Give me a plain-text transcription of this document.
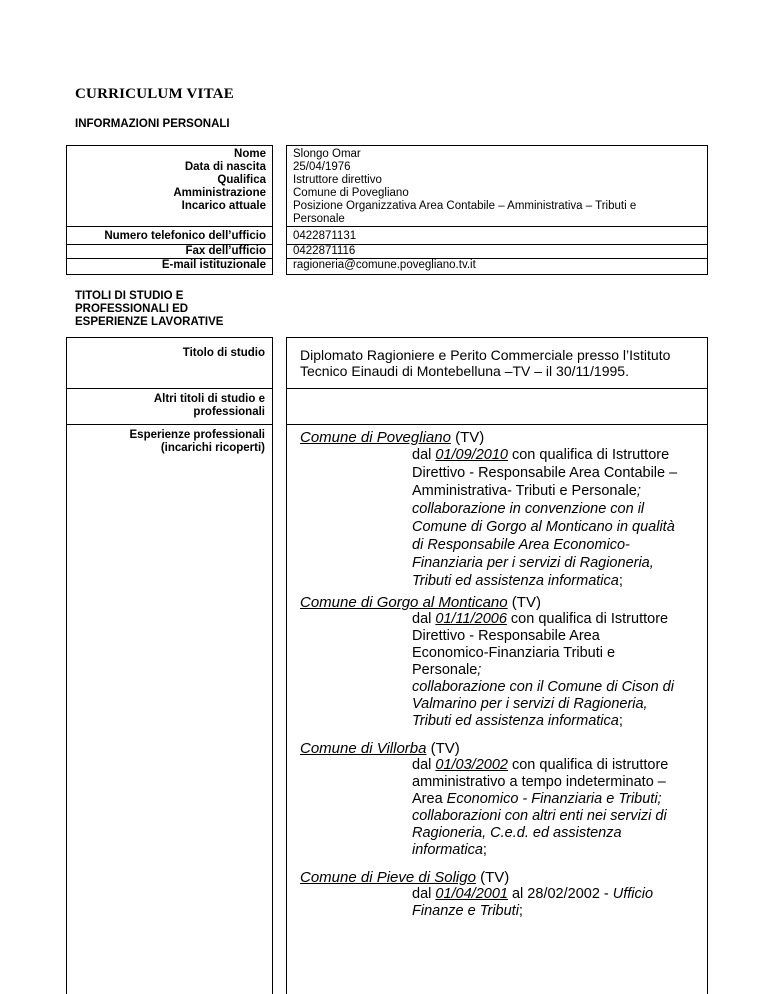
CURRICULUM VITAE
INFORMAZIONI PERSONALI
Nome
Data di nascita
Qualifica
Amministrazione
Incarico attuale
Numero telefonico dell’ufficio
Fax dell’ufficio
E-mail istituzionale
Slongo Omar
25/04/1976
Istruttore direttivo
Comune di Povegliano
Posizione Organizzativa Area Contabile – Amministrativa – Tributi e
Personale
0422871131
0422871116
ragioneria@comune.povegliano.tv.it
TITOLI DI STUDIO E
PROFESSIONALI ED
ESPERIENZE LAVORATIVE
Titolo di studio
Altri titoli di studio e
professionali
Esperienze professionali
(incarichi ricoperti)
Diplomato Ragioniere e Perito Commerciale presso l’Istituto
Tecnico Einaudi di Montebelluna –TV – il 30/11/1995.
Comune di Povegliano (TV)
dal 01/09/2010 con qualifica di Istruttore
Direttivo - Responsabile Area Contabile –
Amministrativa- Tributi e Personale;
collaborazione in convenzione con il
Comune di Gorgo al Monticano in qualità
di Responsabile Area Economico-
Finanziaria per i servizi di Ragioneria,
Tributi ed assistenza informatica;
Comune di Gorgo al Monticano (TV)
dal 01/11/2006 con qualifica di Istruttore
Direttivo - Responsabile Area
Economico-Finanziaria Tributi e
Personale;
collaborazione con il Comune di Cison di
Valmarino per i servizi di Ragioneria,
Tributi ed assistenza informatica;
Comune di Villorba (TV)
dal 01/03/2002 con qualifica di istruttore
amministrativo a tempo indeterminato –
Area Economico - Finanziaria e Tributi;
collaborazioni con altri enti nei servizi di
Ragioneria, C.e.d. ed assistenza
informatica;
Comune di Pieve di Soligo (TV)
dal 01/04/2001 al 28/02/2002 - Ufficio
Finanze e Tributi;
